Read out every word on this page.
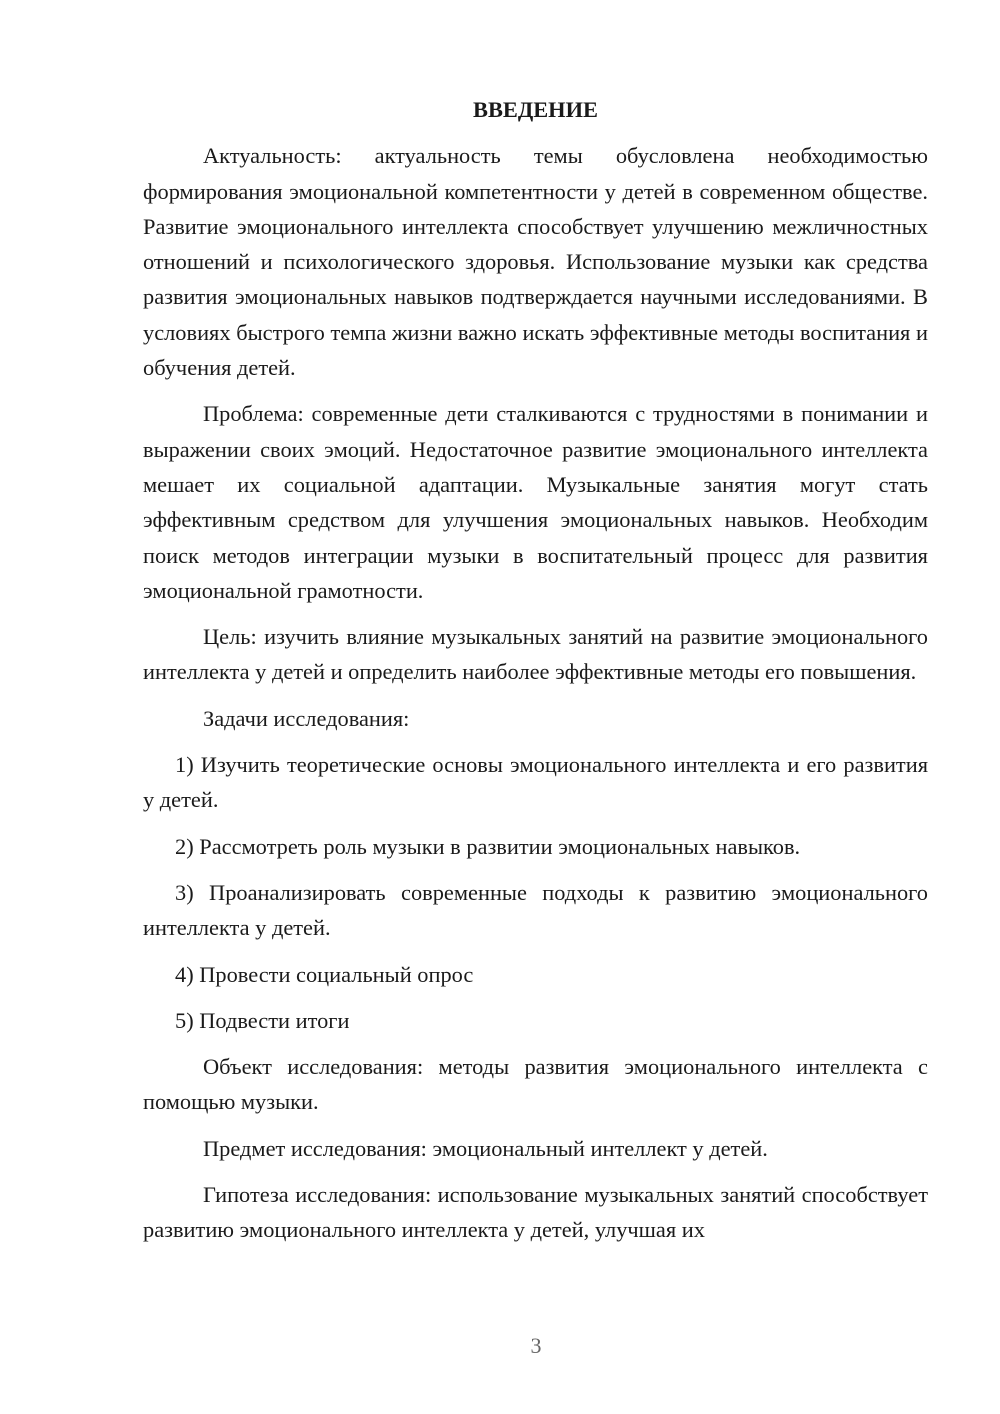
ВВЕДЕНИЕ

Актуальность: актуальность темы обусловлена необходимостью формирования эмоциональной компетентности у детей в современном обществе. Развитие эмоционального интеллекта способствует улучшению межличностных отношений и психологического здоровья. Использование музыки как средства развития эмоциональных навыков подтверждается научными исследованиями. В условиях быстрого темпа жизни важно искать эффективные методы воспитания и обучения детей.

Проблема: современные дети сталкиваются с трудностями в понимании и выражении своих эмоций. Недостаточное развитие эмоционального интеллекта мешает их социальной адаптации. Музыкальные занятия могут стать эффективным средством для улучшения эмоциональных навыков. Необходим поиск методов интеграции музыки в воспитательный процесс для развития эмоциональной грамотности.

Цель: изучить влияние музыкальных занятий на развитие эмоционального интеллекта у детей и определить наиболее эффективные методы его повышения.

Задачи исследования:

1) Изучить теоретические основы эмоционального интеллекта и его развития у детей.

2) Рассмотреть роль музыки в развитии эмоциональных навыков.

3) Проанализировать современные подходы к развитию эмоционального интеллекта у детей.

4) Провести социальный опрос

5) Подвести итоги

Объект исследования: методы развития эмоционального интеллекта с помощью музыки.

Предмет исследования: эмоциональный интеллект у детей.

Гипотеза исследования: использование музыкальных занятий способствует развитию эмоционального интеллекта у детей, улучшая их

3
